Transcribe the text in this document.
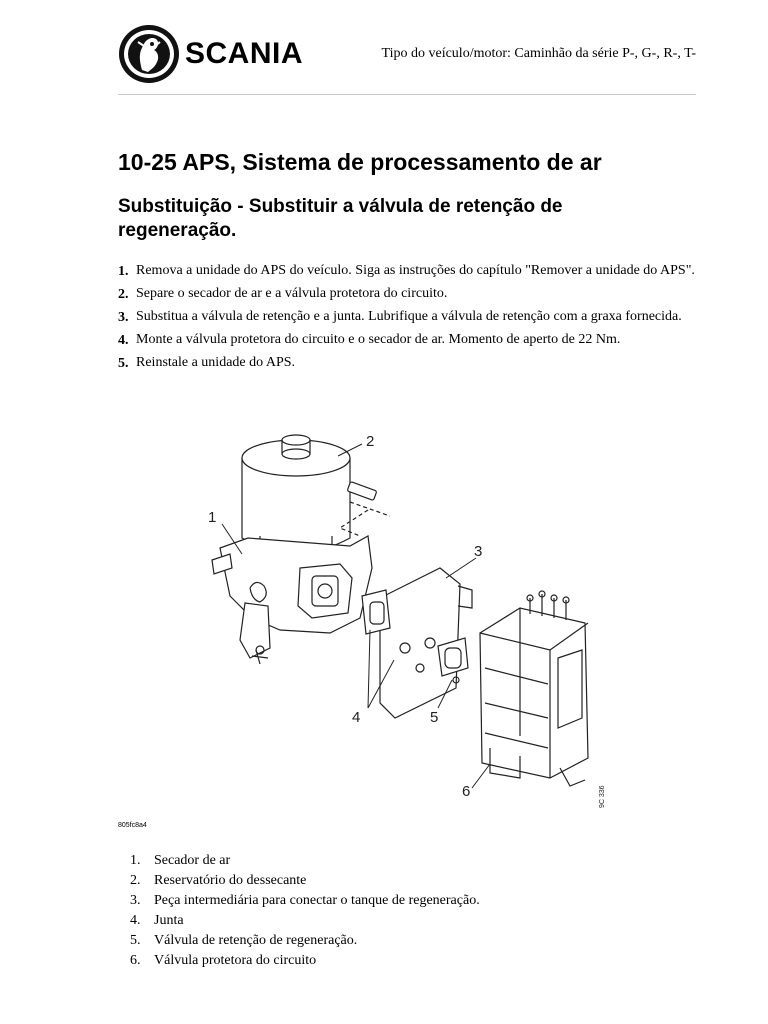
SCANIA	Tipo do veículo/motor: Caminhão da série P-, G-, R-, T-
10-25 APS, Sistema de processamento de ar
Substituição - Substituir a válvula de retenção de regeneração.
1. Remova a unidade do APS do veículo. Siga as instruções do capítulo "Remover a unidade do APS".
2. Separe o secador de ar e a válvula protetora do circuito.
3. Substitua a válvula de retenção e a junta. Lubrifique a válvula de retenção com a graxa fornecida.
4. Monte a válvula protetora do circuito e o secador de ar. Momento de aperto de 22 Nm.
5. Reinstale a unidade do APS.
2
1
3
4	5
6	9C 336
805fc8a4
1. Secador de ar
2. Reservatório do dessecante
3. Peça intermediária para conectar o tanque de regeneração.
4. Junta
5. Válvula de retenção de regeneração.
6. Válvula protetora do circuito
